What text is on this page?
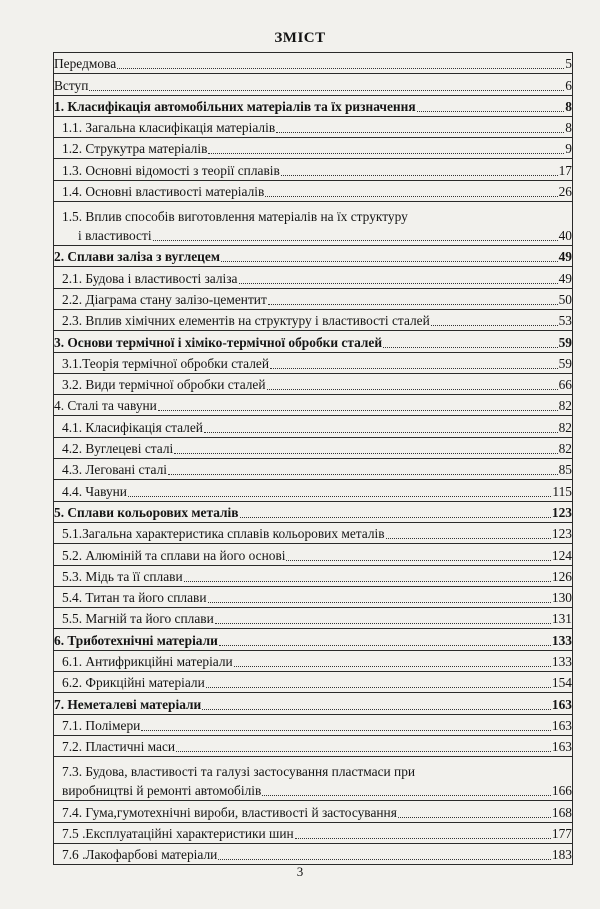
ЗМІСТ
Передмова	5

Вступ	6

1. Класифікація автомобільних матеріалів та їх ризначення	8

1.1. Загальна класифікація матеріалів	8

1.2. Струкутра матеріалів	9

1.3. Основні відомості з теорії сплавів	17

1.4. Основні властивості матеріалів	26

1.5. Вплив способів виготовлення матеріалів на їх структуру
і властивості	40

2. Сплави заліза з вуглецем	49

2.1. Будова і властивості заліза	49

2.2. Діаграма стану залізо-цементит	50

2.3. Вплив хімічних елементів на структуру і властивості сталей	53

3. Основи термічної і хіміко-термічної обробки сталей	59

3.1.Теорія термічної обробки сталей	59

3.2. Види термічної обробки сталей	66

4. Сталі та чавуни	82

4.1. Класифікація сталей	82

4.2. Вуглецеві сталі	82

4.3. Леговані сталі	85

4.4. Чавуни	115

5. Сплави кольорових металів	123

5.1.Загальна характеристика сплавів кольорових металів	123

5.2. Алюміній та сплави на його основі	124

5.3. Мідь та її сплави	126

5.4. Титан та його сплави	130

5.5. Магній та його сплави	131

6. Триботехнічні матеріали	133

6.1. Антифрикційні матеріали	133

6.2. Фрикційні матеріали	154

7. Неметалеві матеріали	163

7.1. Полімери	163

7.2. Пластичні маси	163

7.3. Будова, властивості та галузі застосування пластмаси при
виробництві й ремонті автомобілів	166

7.4. Гума,гумотехнічні вироби, властивості й застосування	168

7.5 .Експлуатаційні характеристики шин	177

7.6 .Лакофарбові матеріали	183
3
